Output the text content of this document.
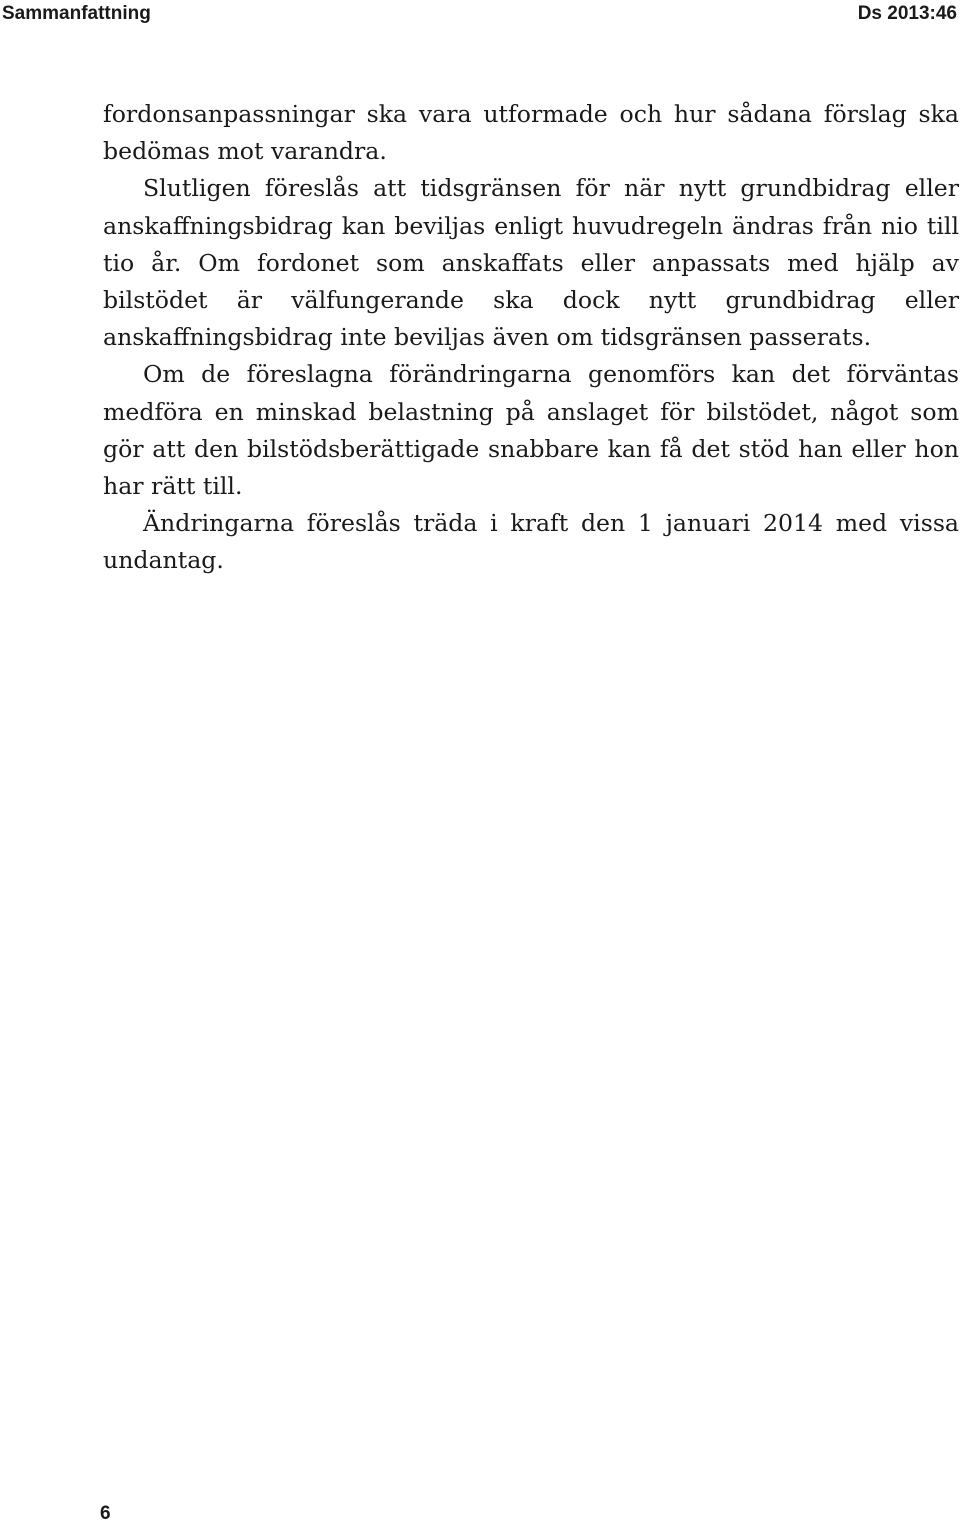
Sammanfattning	Ds 2013:46

fordonsanpassningar ska vara utformade och hur sådana förslag ska bedömas mot varandra.

Slutligen föreslås att tidsgränsen för när nytt grundbidrag eller anskaffningsbidrag kan beviljas enligt huvudregeln ändras från nio till tio år. Om fordonet som anskaffats eller anpassats med hjälp av bilstödet är välfungerande ska dock nytt grundbidrag eller anskaffningsbidrag inte beviljas även om tidsgränsen passerats.

Om de föreslagna förändringarna genomförs kan det förväntas medföra en minskad belastning på anslaget för bilstödet, något som gör att den bilstödsberättigade snabbare kan få det stöd han eller hon har rätt till.

Ändringarna föreslås träda i kraft den 1 januari 2014 med vissa undantag.

6
